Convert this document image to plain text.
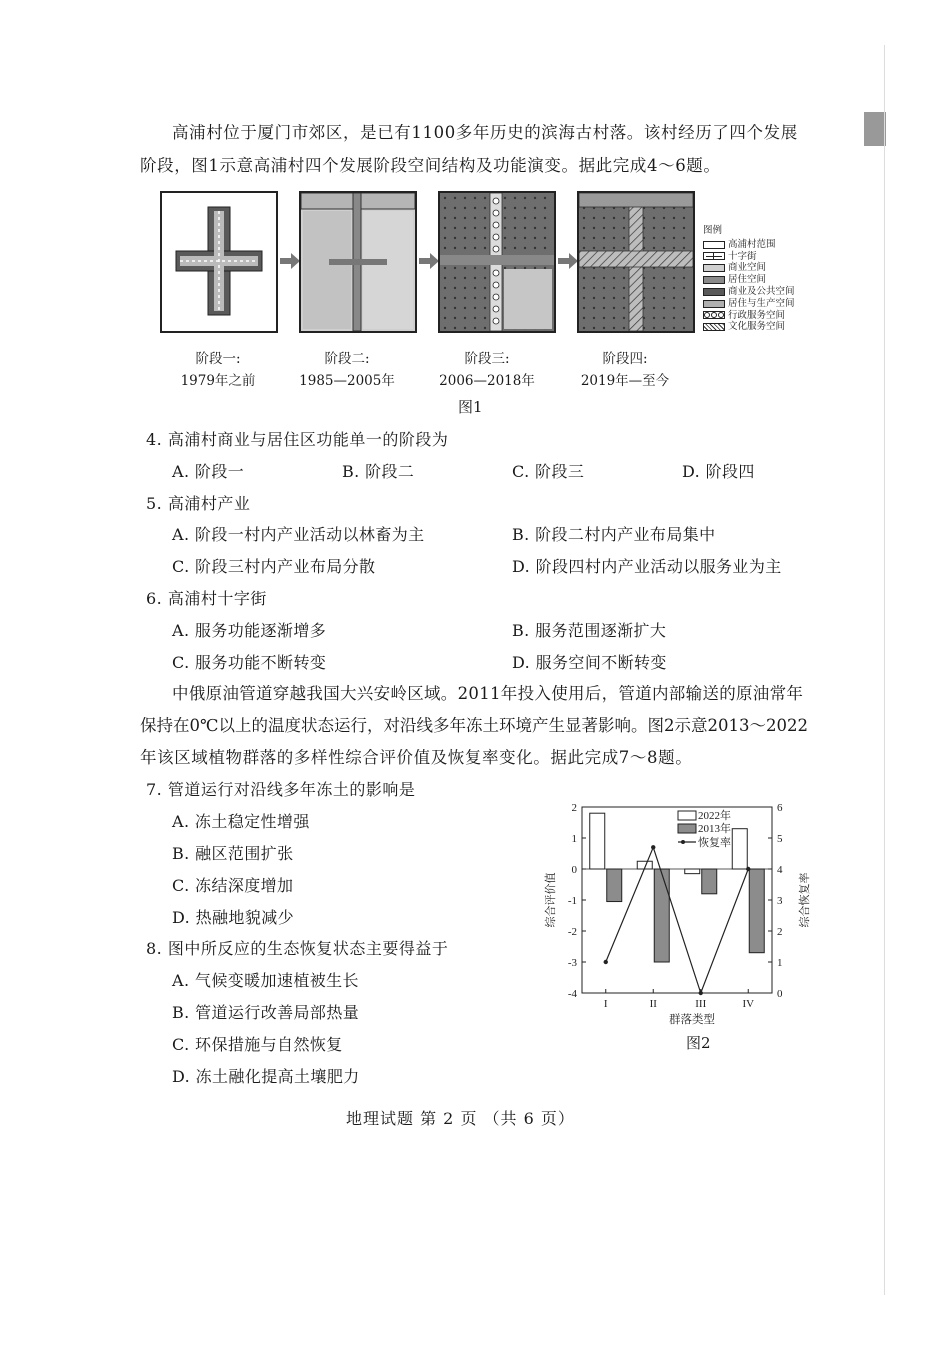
高浦村位于厦门市郊区，是已有1100多年历史的滨海古村落。该村经历了四个发展
阶段，图1示意高浦村四个发展阶段空间结构及功能演变。据此完成4～6题。
图例
高浦村范围
十字街
商业空间
居住空间
商业及公共空间
居住与生产空间
行政服务空间
文化服务空间
阶段一:
1979年之前
阶段二:
1985—2005年
阶段三:
2006—2018年
阶段四:
2019年—至今
图1
4. 高浦村商业与居住区功能单一的阶段为
A. 阶段一	B. 阶段二	C. 阶段三	D. 阶段四
5. 高浦村产业
A. 阶段一村内产业活动以林畜为主	B. 阶段二村内产业布局集中
C. 阶段三村内产业布局分散	D. 阶段四村内产业活动以服务业为主
6. 高浦村十字街
A. 服务功能逐渐增多	B. 服务范围逐渐扩大
C. 服务功能不断转变	D. 服务空间不断转变
中俄原油管道穿越我国大兴安岭区域。2011年投入使用后，管道内部输送的原油常年
保持在0℃以上的温度状态运行，对沿线多年冻土环境产生显著影响。图2示意2013～2022
年该区域植物群落的多样性综合评价值及恢复率变化。据此完成7～8题。
7. 管道运行对沿线多年冻土的影响是
A. 冻土稳定性增强
B. 融区范围扩张
C. 冻结深度增加
D. 热融地貌减少
8. 图中所反应的生态恢复状态主要得益于
A. 气候变暖加速植被生长
B. 管道运行改善局部热量
C. 环保措施与自然恢复
D. 冻土融化提高土壤肥力
2
1
0
-1
-2
-3
-4
6
5
4
3
2
1
0
I	II	III	IV
2022年
2013年
恢复率
综合评价值	综合恢复率
群落类型
图2
地理试题 第 2 页 （共 6 页）
